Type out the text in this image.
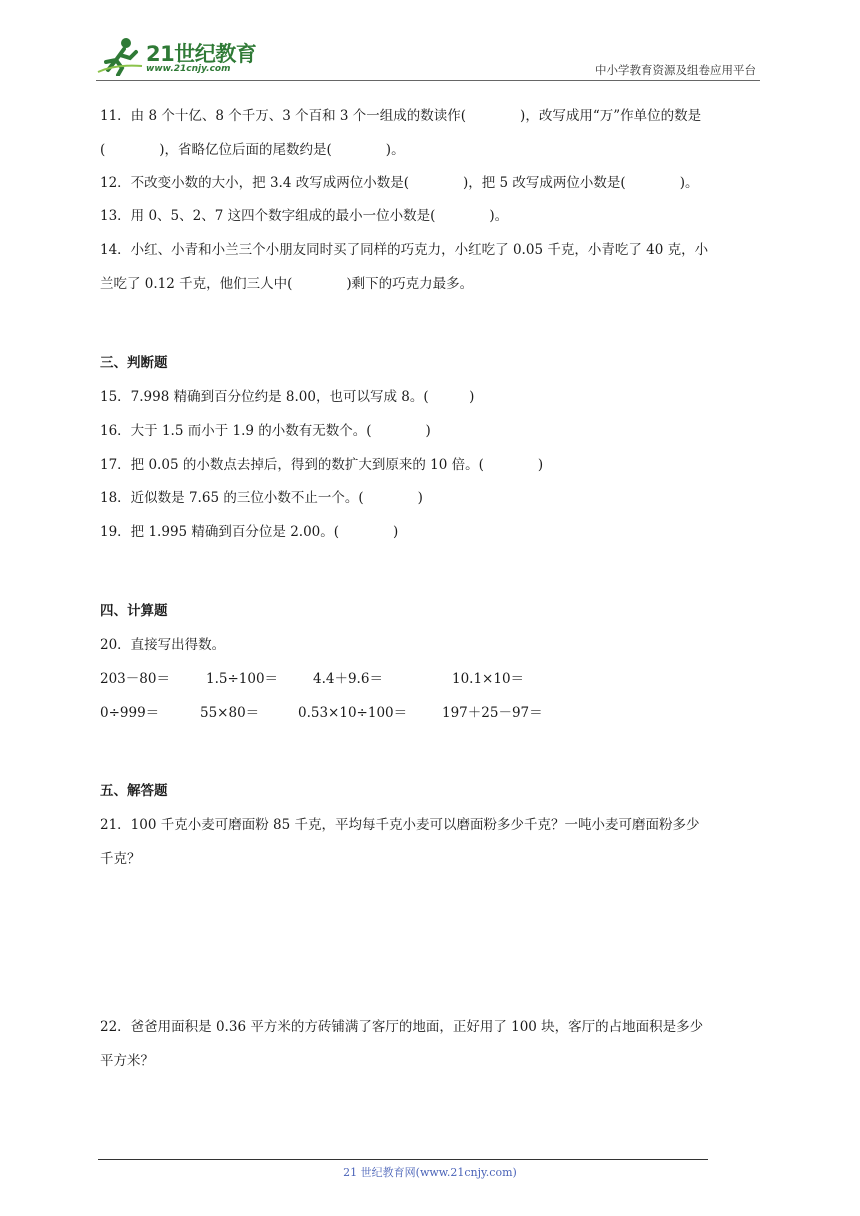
21世纪教育
www.21cnjy.com	中小学教育资源及组卷应用平台
11．由 8 个十亿、8 个千万、3 个百和 3 个一组成的数读作(　　　　)，改写成用“万”作单位的数是
(　　　　)，省略亿位后面的尾数约是(　　　　)。
12．不改变小数的大小，把 3.4 改写成两位小数是(　　　　)，把 5 改写成两位小数是(　　　　)。
13．用 0、5、2、7 这四个数字组成的最小一位小数是(　　　　)。
14．小红、小青和小兰三个小朋友同时买了同样的巧克力，小红吃了 0.05 千克，小青吃了 40 克，小
兰吃了 0.12 千克，他们三人中(　　　　)剩下的巧克力最多。
三、判断题
15．7.998 精确到百分位约是 8.00，也可以写成 8。(　　　)
16．大于 1.5 而小于 1.9 的小数有无数个。(　　　　)
17．把 0.05 的小数点去掉后，得到的数扩大到原来的 10 倍。(　　　　)
18．近似数是 7.65 的三位小数不止一个。(　　　　)
19．把 1.995 精确到百分位是 2.00。(　　　　)
四、计算题
20．直接写出得数。
203－80＝	1.5÷100＝	4.4＋9.6＝	10.1×10＝
0÷999＝	55×80＝	0.53×10÷100＝	197＋25－97＝
五、解答题
21．100 千克小麦可磨面粉 85 千克，平均每千克小麦可以磨面粉多少千克？一吨小麦可磨面粉多少
千克？
22．爸爸用面积是 0.36 平方米的方砖铺满了客厅的地面，正好用了 100 块，客厅的占地面积是多少
平方米？
21 世纪教育网(www.21cnjy.com)
